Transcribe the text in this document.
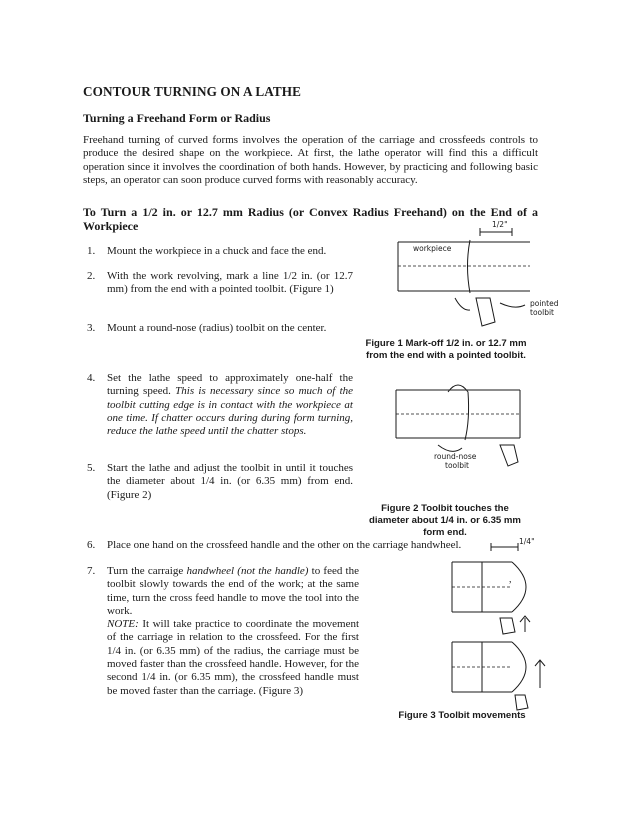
CONTOUR TURNING ON A LATHE
Turning a Freehand Form or Radius
Freehand turning of curved forms involves the operation of the carriage and crossfeeds controls to produce the desired shape on the workpiece. At first, the lathe operator will find this a difficult operation since it involves the coordination of both hands. However, by practicing and following basic steps, an operator can soon produce curved forms with reasonably accuracy.
To Turn a 1/2 in. or 12.7 mm Radius (or Convex Radius Freehand) on the End of a Workpiece
1. Mount the workpiece in a chuck and face the end.
2. With the work revolving, mark a line 1/2 in. (or 12.7 mm) from the end with a pointed toolbit. (Figure 1)
3. Mount a round-nose (radius) toolbit on the center.
4. Set the lathe speed to approximately one-half the turning speed. This is necessary since so much of the toolbit cutting edge is in contact with the workpiece at one time. If chatter occurs during during form turning, reduce the lathe speed until the chatter stops.
5. Start the lathe and adjust the toolbit in until it touches the diameter about 1/4 in. (or 6.35 mm) from end. (Figure 2)
6. Place one hand on the crossfeed handle and the other on the carriage handwheel.
7. Turn the carraige handwheel (not the handle) to feed the toolbit slowly towards the end of the work; at the same time, turn the cross feed handle to move the tool into the work.
NOTE: It will take practice to coordinate the movement of the carriage in relation to the crossfeed. For the first 1/4 in. (or 6.35 mm) of the radius, the carriage must be moved faster than the crossfeed handle. However, for the second 1/4 in. (or 6.35 mm), the crossfeed handle must be moved faster than the carriage. (Figure 3)
,
workpiece
1/2"
pointed
toolbit
Figure 1 Mark-off 1/2 in. or 12.7 mm from the end with a pointed toolbit.
round-nose
toolbit
Figure 2 Toolbit touches the diameter about 1/4 in. or 6.35 mm form end.
1/4"
Figure 3 Toolbit movements
